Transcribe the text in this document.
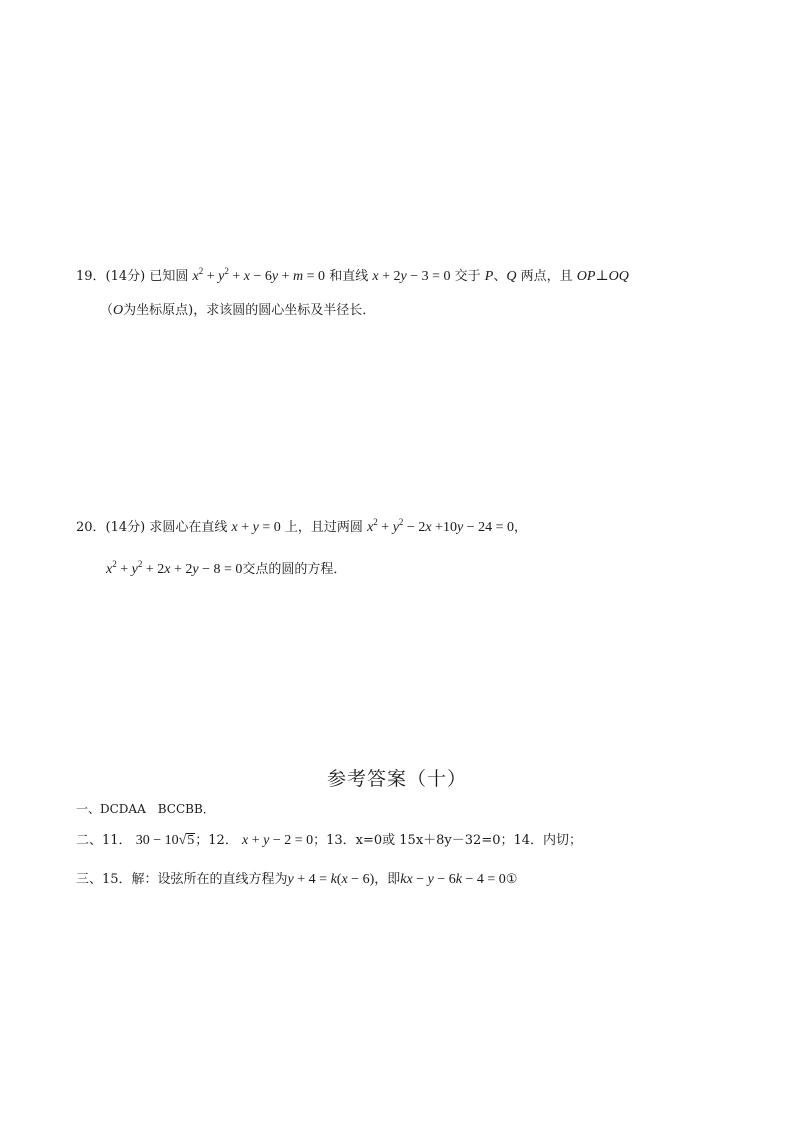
19．(14分) 已知圆 $x^2 + y^2 + x - 6y + m = 0$ 和直线 x + 2y − 3 = 0 交于 P、Q 两点，且 OP⊥OQ
（O为坐标原点)，求该圆的圆心坐标及半径长．
20．(14分) 求圆心在直线 x + y = 0 上，且过两圆 $x^2 + y^2 - 2x +10y - 24 = 0$，
$x^2 + y^2 + 2x + 2y - 8 = 0$交点的圆的方程．
参考答案（十）
一、DCDAA　BCCBB．
二、11． 30 − 10√5；12． x + y − 2 = 0；13．x=0或 15x＋8y－32=0；14．内切；
三、15．解：设弦所在的直线方程为y + 4 = k(x − 6)，即kx − y − 6k − 4 = 0①
